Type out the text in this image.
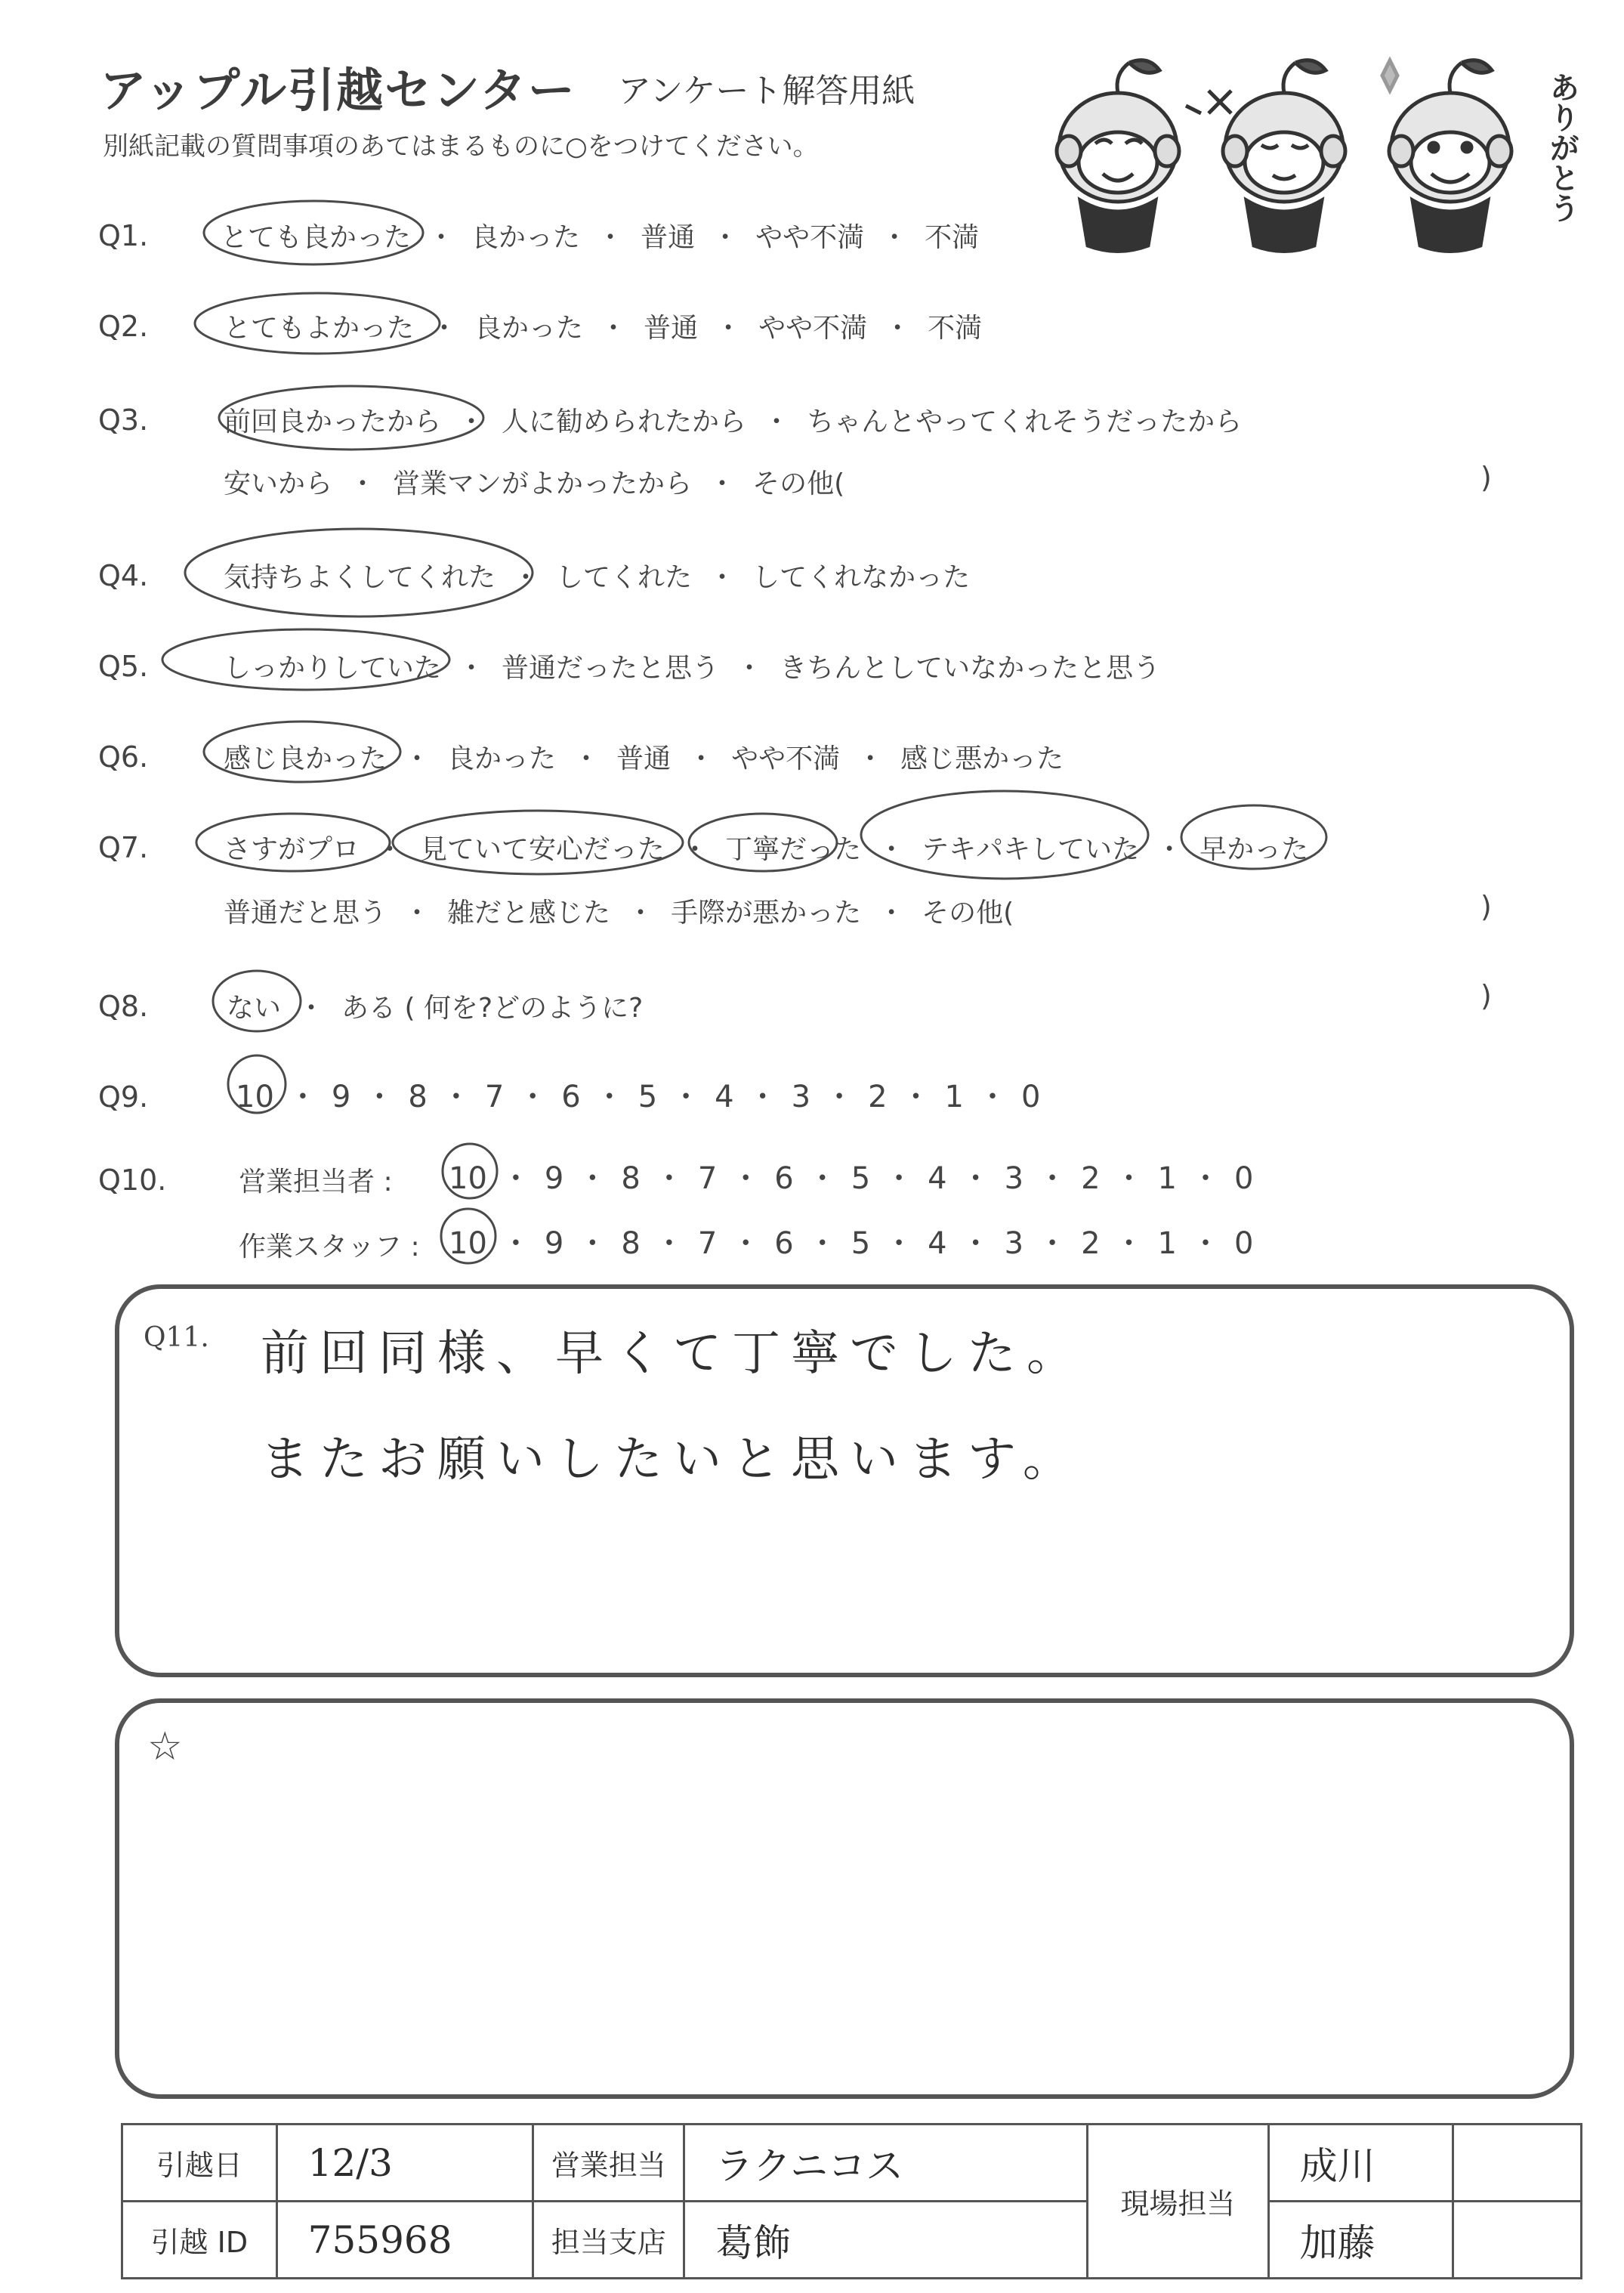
アップル引越センター アンケート解答用紙
別紙記載の質問事項のあてはまるものに○をつけてください。	ありがとう
Q1.	とても良かった ・ 良かった ・ 普通 ・ やや不満 ・ 不満
Q2.	とてもよかった ・ 良かった ・ 普通 ・ やや不満 ・ 不満
Q3.	前回良かったから ・ 人に勧められたから ・ ちゃんとやってくれそうだったから
安いから ・ 営業マンがよかったから ・ その他(	)
Q4.	気持ちよくしてくれた ・ してくれた ・ してくれなかった
Q5.	しっかりしていた ・ 普通だったと思う ・ きちんとしていなかったと思う
Q6.	感じ良かった ・ 良かった ・ 普通 ・ やや不満 ・ 感じ悪かった
Q7.	さすがプロ ・ 見ていて安心だった ・ 丁寧だった ・ テキパキしていた ・ 早かった
普通だと思う ・ 雑だと感じた ・ 手際が悪かった ・ その他(	)
Q8.	ない ・ ある ( 何を?どのように?	)
Q9.	10 ・ 9 ・ 8 ・ 7 ・ 6 ・ 5 ・ 4 ・ 3 ・ 2 ・ 1 ・ 0
Q10.	営業担当者 : 10 ・ 9 ・ 8 ・ 7 ・ 6 ・ 5 ・ 4 ・ 3 ・ 2 ・ 1 ・ 0
作業スタッフ : 10 ・ 9 ・ 8 ・ 7 ・ 6 ・ 5 ・ 4 ・ 3 ・ 2 ・ 1 ・ 0
Q11. 前回同様、早くて丁寧でした。
またお願いしたいと思います。
☆
引越日	12/3	営業担当	ラクニコス	現場担当	成川	
引越 ID	755968	担当支店	葛飾		加藤	
